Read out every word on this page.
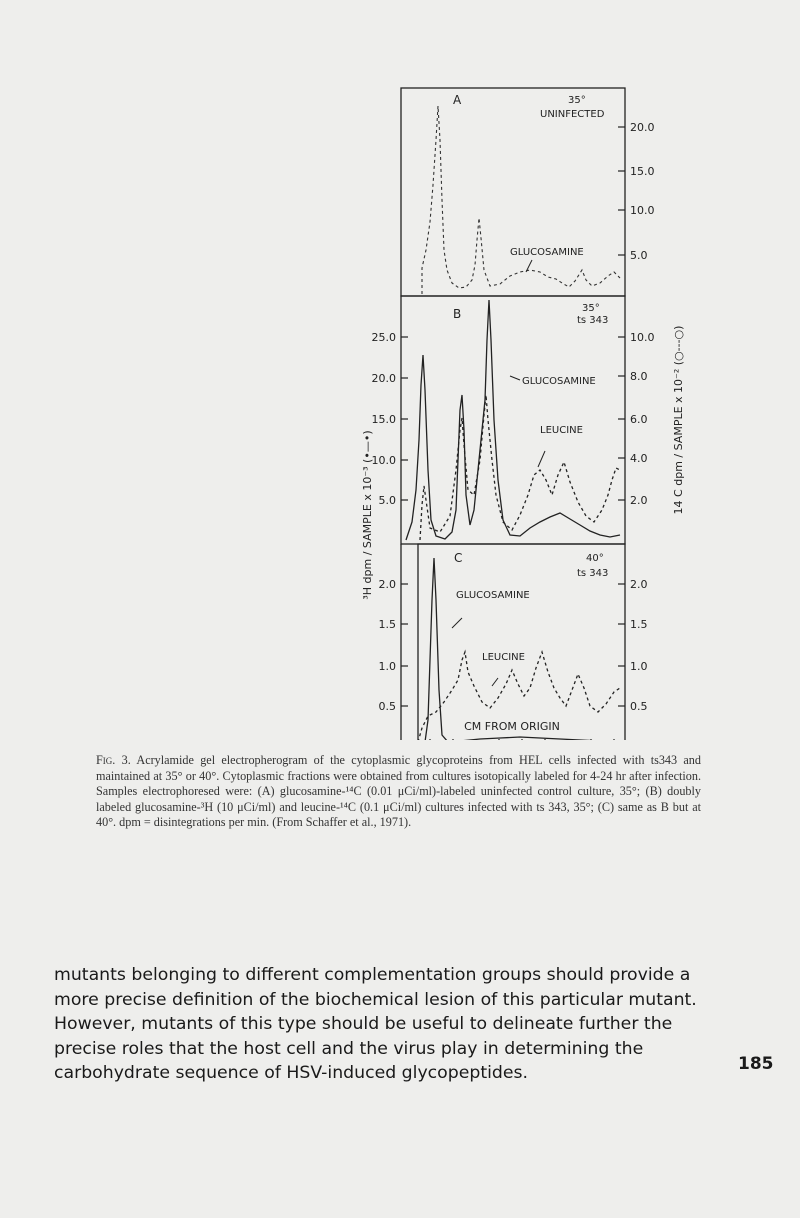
A	35°
UNINFECTED
GLUCOSAMINE
20.0
15.0
10.0
5.0
B	35°
ts 343
GLUCOSAMINE
LEUCINE
10.0
8.0
6.0
4.0
2.0
25.0
20.0
15.0
10.0
5.0
C	40°
ts 343
GLUCOSAMINE
LEUCINE
2.0
1.5
1.0
0.5
2.0
1.5
1.0
0.5
CM FROM ORIGIN
³H dpm / SAMPLE x 10⁻³ (•—•)
14 C dpm / SAMPLE x 10⁻² (○---○)
Fig. 3. Acrylamide gel electropherogram of the cytoplasmic glycoproteins from HEL cells infected with ts343 and maintained at 35° or 40°. Cytoplasmic fractions were obtained from cultures isotopically labeled for 4-24 hr after infection. Samples electrophoresed were: (A) glucosamine-¹⁴C (0.01 μCi/ml)-labeled uninfected control culture, 35°; (B) doubly labeled glucosamine-³H (10 μCi/ml) and leucine-¹⁴C (0.1 μCi/ml) cultures infected with ts 343, 35°; (C) same as B but at 40°. dpm = disintegrations per min. (From Schaffer et al., 1971).

mutants belonging to different complementation groups should provide a more precise definition of the biochemical lesion of this particular mutant. However, mutants of this type should be useful to delineate further the precise roles that the host cell and the virus play in determining the carbohydrate sequence of HSV-induced glycopeptides.	185
